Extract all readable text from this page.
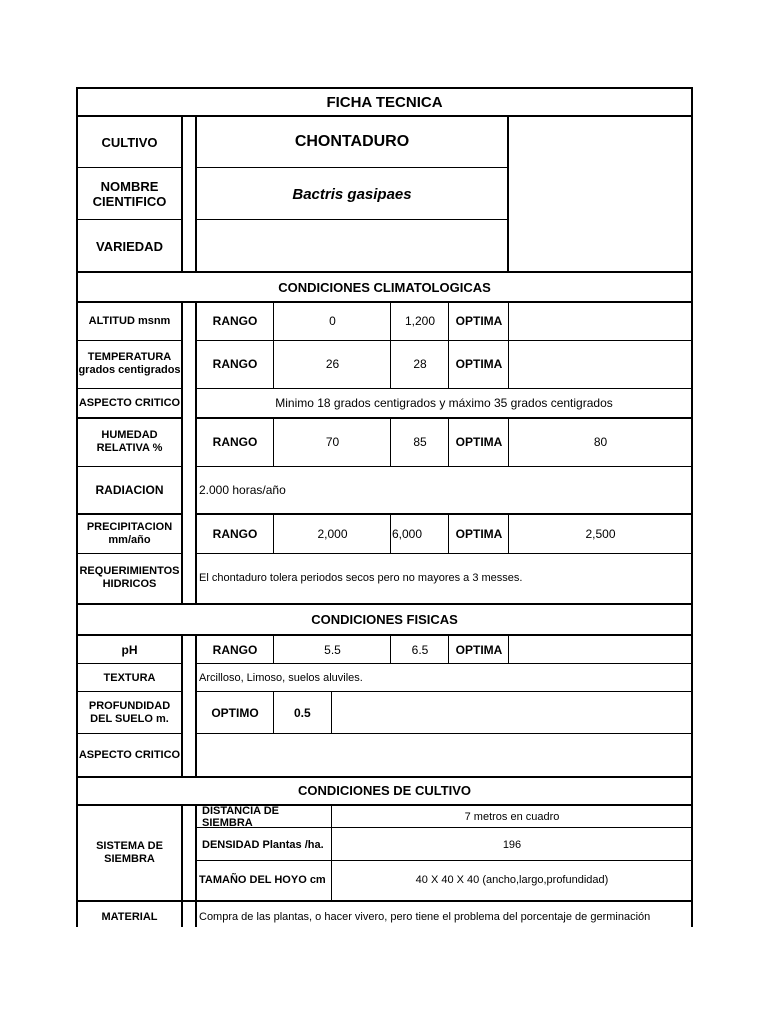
FICHA TECNICA
CULTIVO	CHONTADURO
NOMBRE CIENTIFICO	Bactris gasipaes
VARIEDAD
CONDICIONES CLIMATOLOGICAS
ALTITUD msnm	RANGO	0	1,200	OPTIMA
TEMPERATURA grados centigrados	RANGO	26	28	OPTIMA
ASPECTO CRITICO	Minimo 18 grados centigrados y máximo 35 grados centigrados
HUMEDAD RELATIVA %	RANGO	70	85	OPTIMA	80
RADIACION	2.000 horas/año
PRECIPITACION mm/año	RANGO	2,000	6,000	OPTIMA	2,500
REQUERIMIENTOS HIDRICOS	El chontaduro tolera periodos secos pero no mayores a 3 messes.
CONDICIONES FISICAS
pH	RANGO	5.5	6.5	OPTIMA
TEXTURA	Arcilloso, Limoso, suelos aluviles.
PROFUNDIDAD DEL SUELO m.	OPTIMO	0.5
ASPECTO CRITICO
CONDICIONES DE CULTIVO
SISTEMA DE SIEMBRA
DISTANCIA DE SIEMBRA	7 metros en cuadro
DENSIDAD Plantas /ha.	196
TAMAÑO DEL HOYO cm	40 X 40 X 40 (ancho,largo,profundidad)
MATERIAL	Compra de las plantas, o hacer vivero, pero tiene el problema del porcentaje de germinación
